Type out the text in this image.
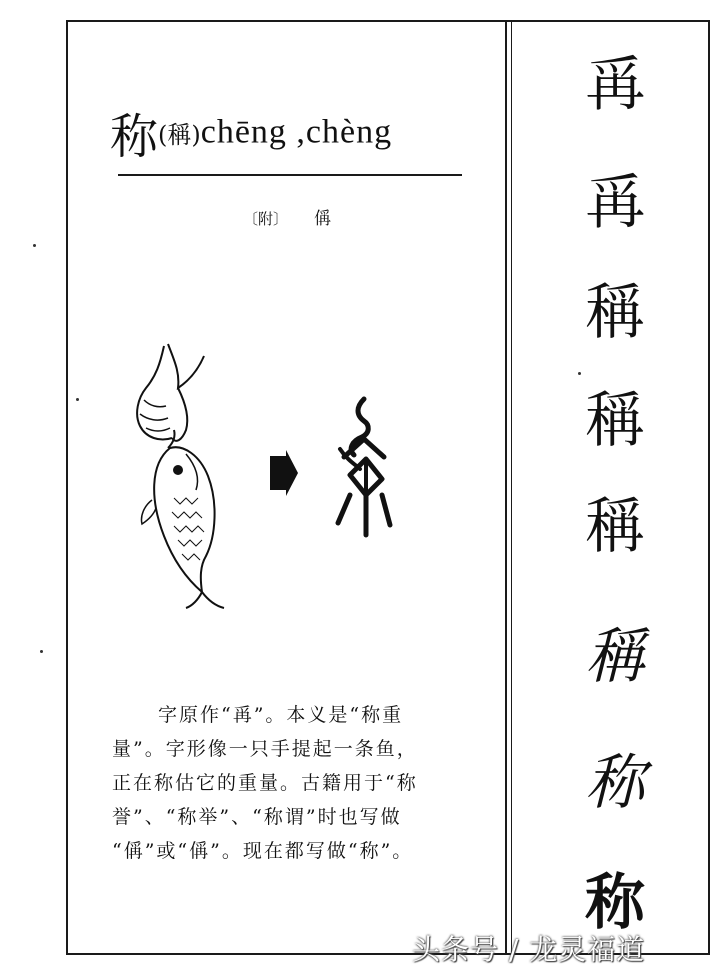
称(稱)chēng ,chèng
〔附〕 偁

字原作“爯”。本义是“称重

量”。字形像一只手提起一条鱼，

正在称估它的重量。古籍用于“称

誉”、“称举”、“称谓”时也写做

“偁”或“偁”。现在都写做“称”。

爯
爯
稱
稱
稱
稱
称
称
头条号 / 龙灵福道
